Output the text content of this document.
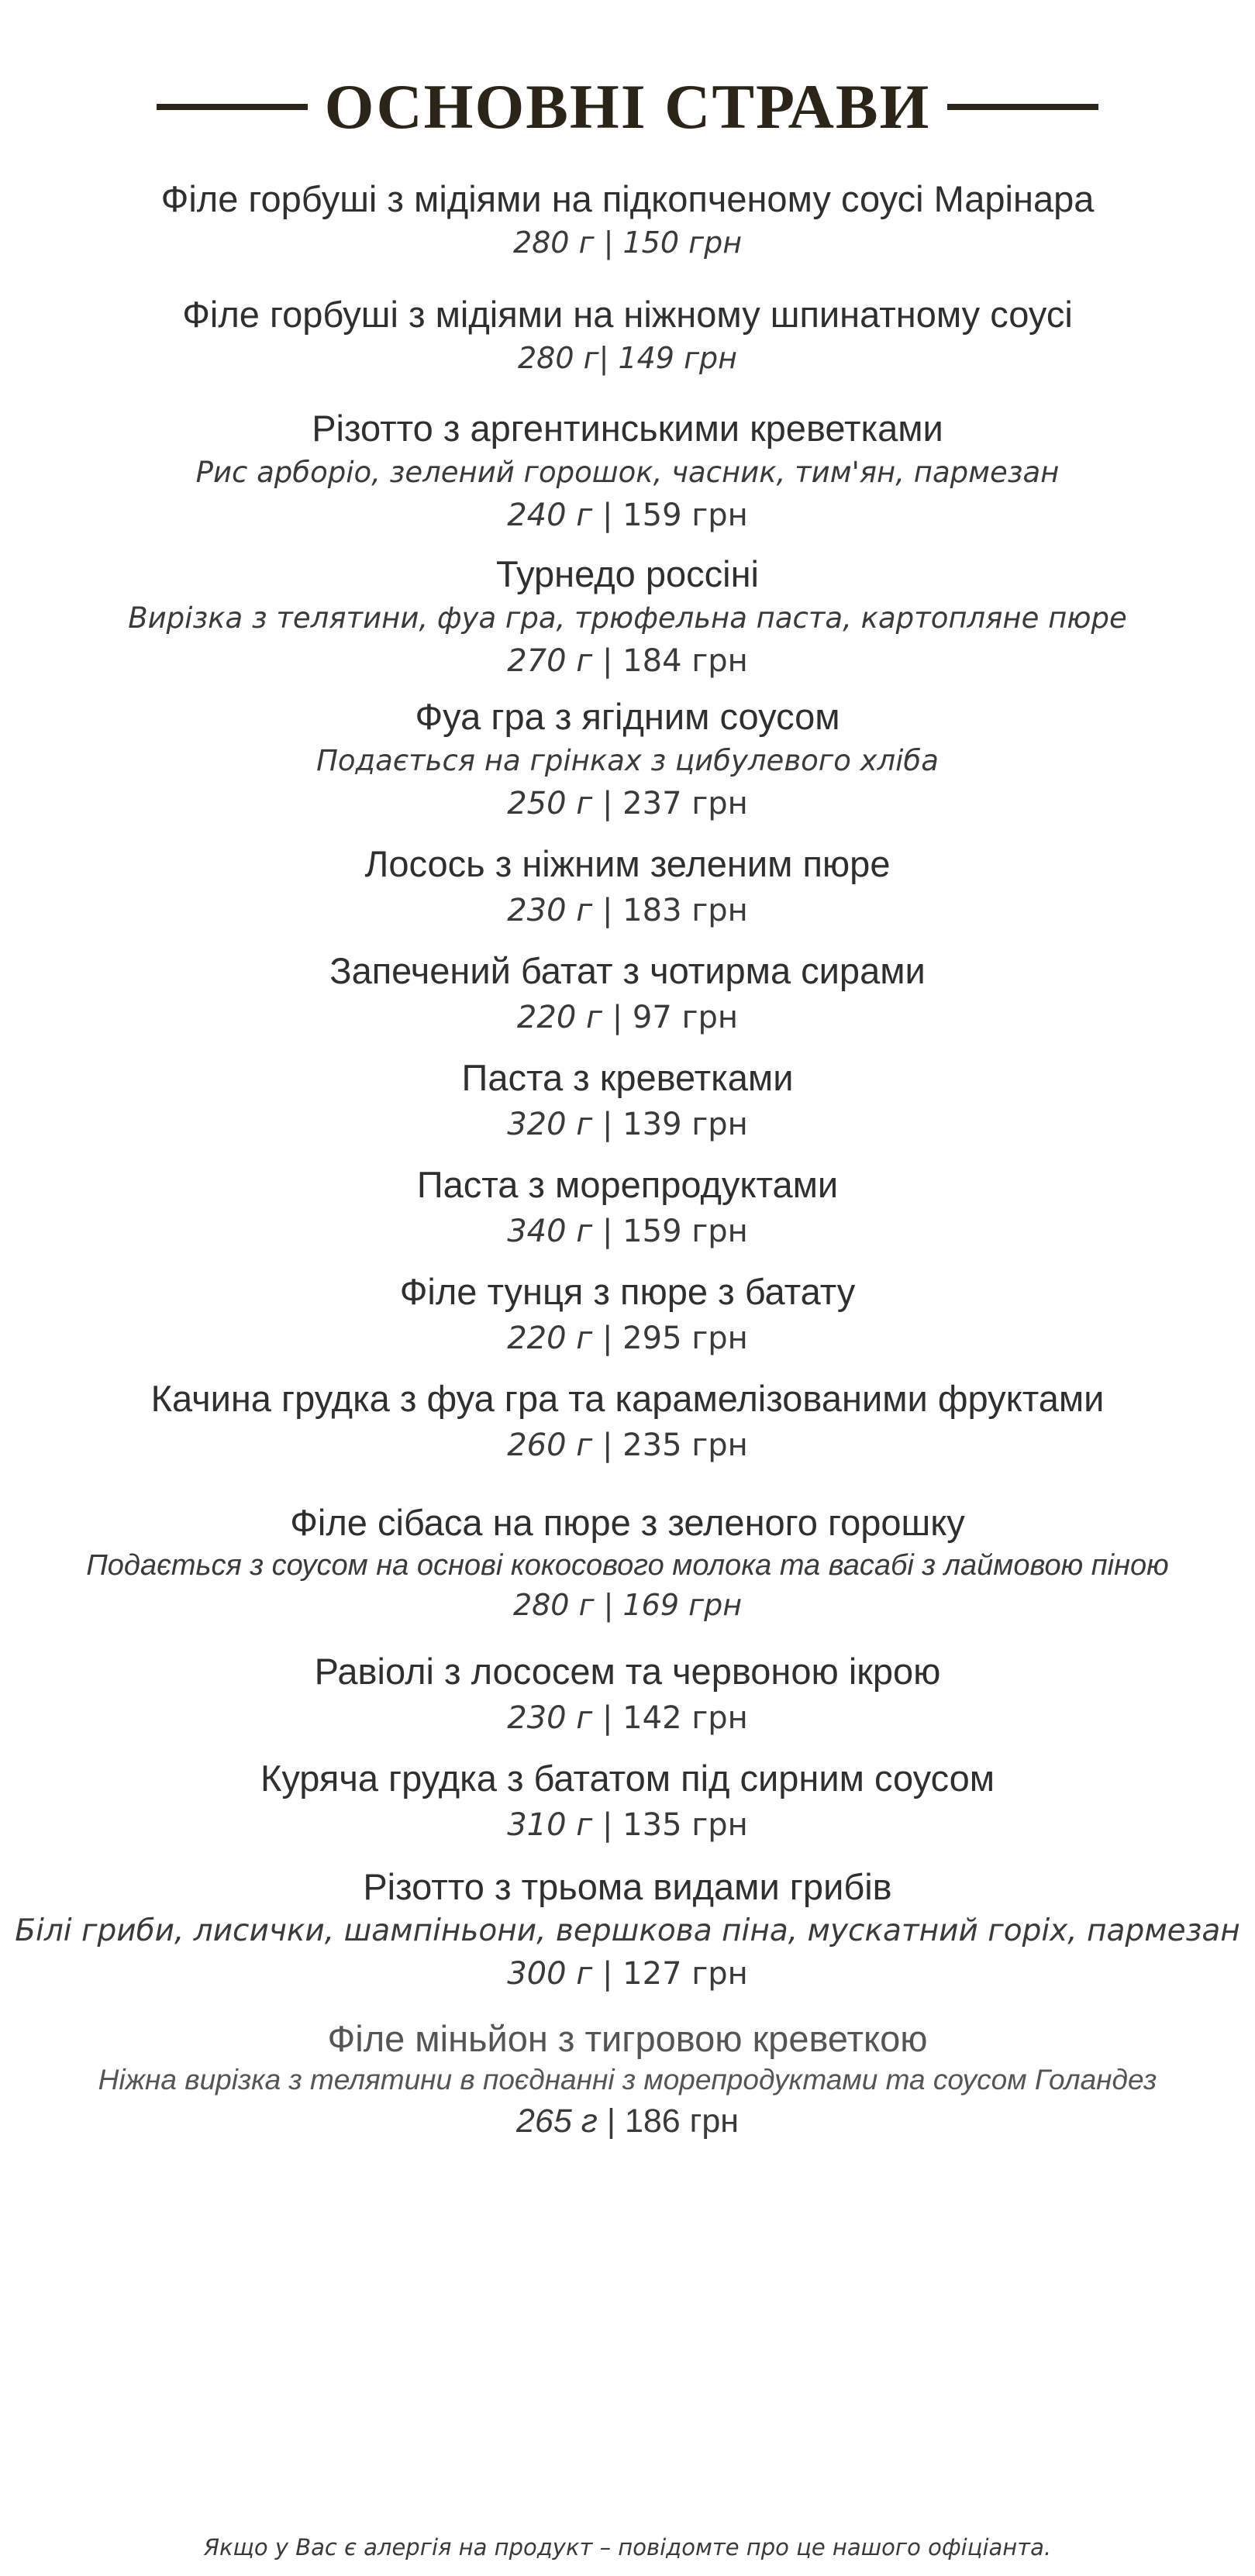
ОСНОВНІ СТРАВИ
Філе горбуші з мідіями на підкопченому соусі Марінара
280 г | 150 грн
Філе горбуші з мідіями на ніжному шпинатному соусі
280 г| 149 грн
Різотто з аргентинськими креветками
Рис арборіо, зелений горошок, часник, тим'ян, пармезан
240 г | 159 грн
Турнедо россіні
Вирізка з телятини, фуа гра, трюфельна паста, картопляне пюре
270 г | 184 грн
Фуа гра з ягідним соусом
Подається на грінках з цибулевого хліба
250 г | 237 грн
Лосось з ніжним зеленим пюре
230 г | 183 грн
Запечений батат з чотирма сирами
220 г | 97 грн
Паста з креветками
320 г | 139 грн
Паста з морепродуктами
340 г | 159 грн
Філе тунця з пюре з батату
220 г | 295 грн
Качина грудка з фуа гра та карамелізованими фруктами
260 г | 235 грн
Філе сібаса на пюре з зеленого горошку
Подається з соусом на основі кокосового молока та васабі з лаймовою піною
280 г | 169 грн
Равіолі з лососем та червоною ікрою
230 г | 142 грн
Куряча грудка з бататом під сирним соусом
310 г | 135 грн
Різотто з трьома видами грибів
Білі гриби, лисички, шампіньони, вершкова піна, мускатний горіх, пармезан
300 г | 127 грн
Філе міньйон з тигровою креветкою
Ніжна вирізка з телятини в поєднанні з морепродуктами та соусом Голандез
265 г | 186 грн
Якщо у Вас є алергія на продукт – повідомте про це нашого офіціанта.
